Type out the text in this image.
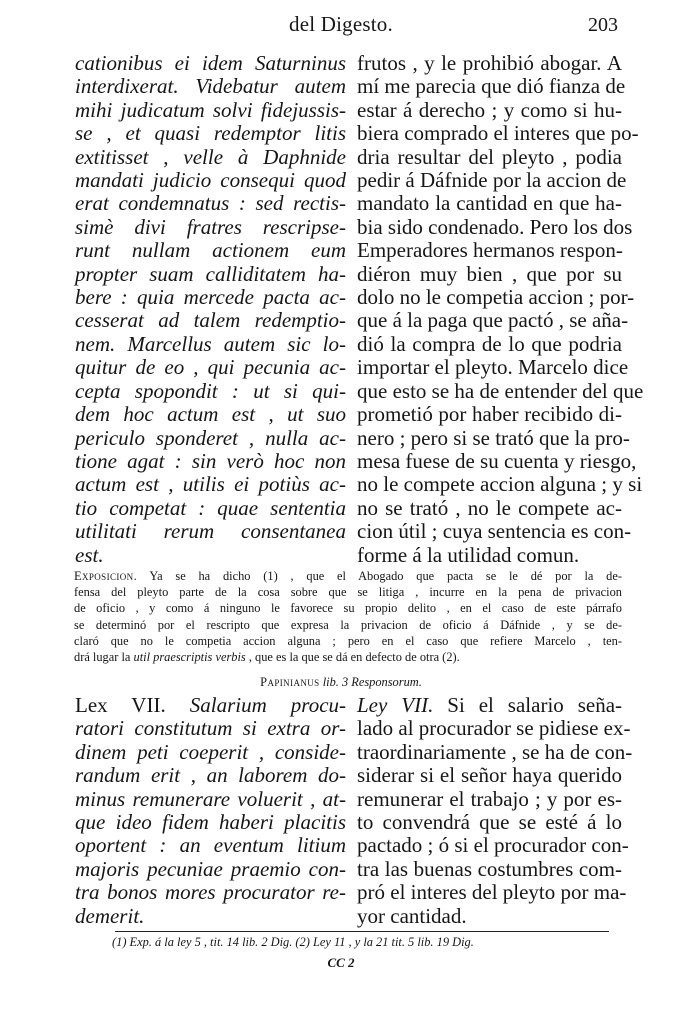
del Digesto.	203
cationibus ei idem Saturninus
interdixerat. Videbatur autem
mihi judicatum solvi fidejussis-
se , et quasi redemptor litis
extitisset , velle à Daphnide
mandati judicio consequi quod
erat condemnatus : sed rectis-
simè divi fratres rescripse-
runt nullam actionem eum
propter suam calliditatem ha-
bere : quia mercede pacta ac-
cesserat ad talem redemptio-
nem. Marcellus autem sic lo-
quitur de eo , qui pecunia ac-
cepta spopondit : ut si qui-
dem hoc actum est , ut suo
periculo sponderet , nulla ac-
tione agat : sin verò hoc non
actum est , utilis ei potiùs ac-
tio competat : quae sententia
utilitati rerum consentanea
est.
frutos , y le prohibió abogar. A
mí me parecia que dió fianza de
estar á derecho ; y como si hu-
biera comprado el interes que po-
dria resultar del pleyto , podia
pedir á Dáfnide por la accion de
mandato la cantidad en que ha-
bia sido condenado. Pero los dos
Emperadores hermanos respon-
diéron muy bien , que por su
dolo no le competia accion ; por-
que á la paga que pactó , se aña-
dió la compra de lo que podria
importar el pleyto. Marcelo dice
que esto se ha de entender del que
prometió por haber recibido di-
nero ; pero si se trató que la pro-
mesa fuese de su cuenta y riesgo,
no le compete accion alguna ; y si
no se trató , no le compete ac-
cion útil ; cuya sentencia es con-
forme á la utilidad comun.
Exposicion. Ya se ha dicho (1) , que el Abogado que pacta se le dé por la de-
fensa del pleyto parte de la cosa sobre que se litiga , incurre en la pena de privacion
de oficio , y como á ninguno le favorece su propio delito , en el caso de este párrafo
se determinó por el rescripto que expresa la privacion de oficio á Dáfnide , y se de-
claró que no le competia accion alguna ; pero en el caso que refiere Marcelo , ten-
drá lugar la util praescriptis verbis , que es la que se dá en defecto de otra (2).
Papinianus lib. 3 Responsorum.
Lex VII. Salarium procu-
ratori constitutum si extra or-
dinem peti coeperit , conside-
randum erit , an laborem do-
minus remunerare voluerit , at-
que ideo fidem haberi placitis
oportent : an eventum litium
majoris pecuniae praemio con-
tra bonos mores procurator re-
demerit.
Ley VII. Si el salario seña-
lado al procurador se pidiese ex-
traordinariamente , se ha de con-
siderar si el señor haya querido
remunerar el trabajo ; y por es-
to convendrá que se esté á lo
pactado ; ó si el procurador con-
tra las buenas costumbres com-
pró el interes del pleyto por ma-
yor cantidad.
(1) Exp. á la ley 5 , tit. 14 lib. 2 Dig. (2) Ley 11 , y la 21 tit. 5 lib. 19 Dig.
CC 2
